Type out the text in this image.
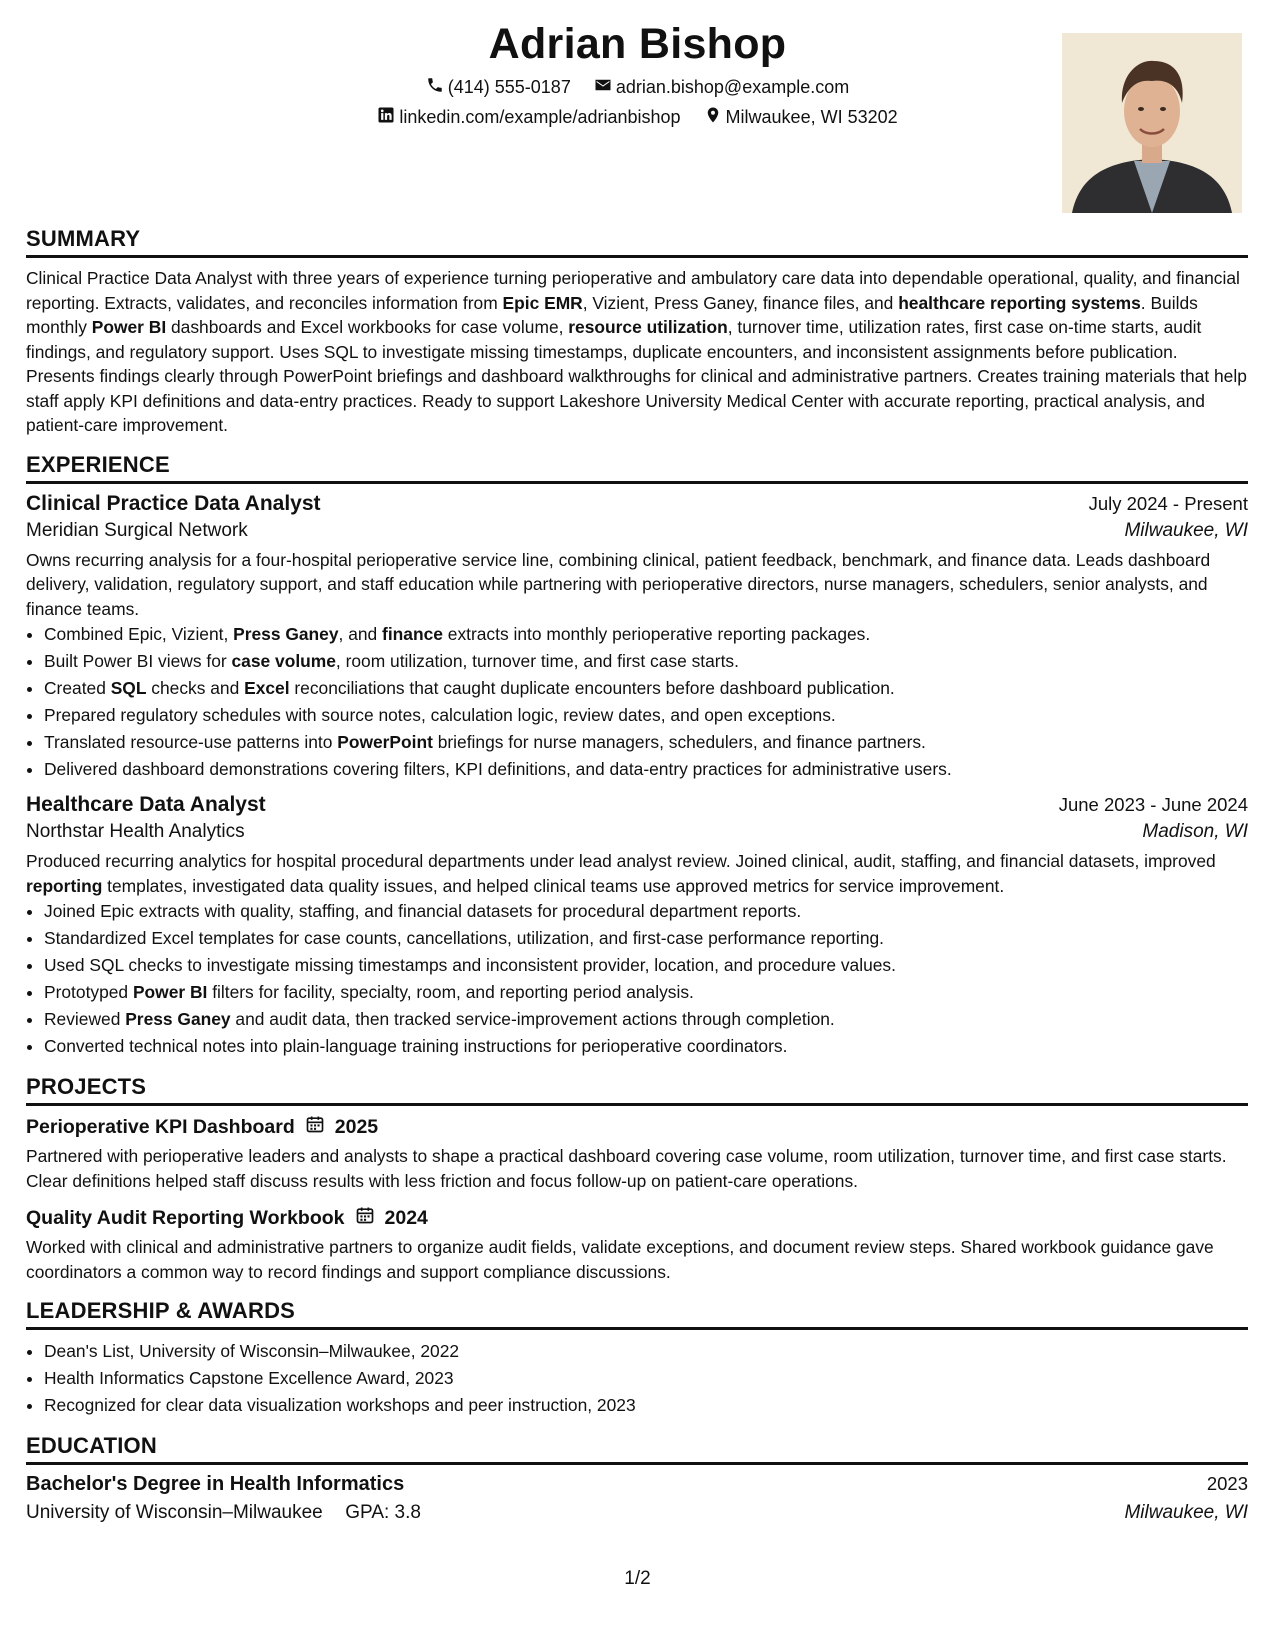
Adrian Bishop
(414) 555-0187
	adrian.bishop@example.com
linkedin.com/example/adrianbishop
	Milwaukee, WI 53202
SUMMARY

Clinical Practice Data Analyst with three years of experience turning perioperative and ambulatory care data into dependable operational, quality, and financial reporting. Extracts, validates, and reconciles information from Epic EMR, Vizient, Press Ganey, finance files, and healthcare reporting systems. Builds monthly Power BI dashboards and Excel workbooks for case volume, resource utilization, turnover time, utilization rates, first case on-time starts, audit findings, and regulatory support. Uses SQL to investigate missing timestamps, duplicate encounters, and inconsistent assignments before publication. Presents findings clearly through PowerPoint briefings and dashboard walkthroughs for clinical and administrative partners. Creates training materials that help staff apply KPI definitions and data-entry practices. Ready to support Lakeshore University Medical Center with accurate reporting, practical analysis, and patient-care improvement.

EXPERIENCE
Clinical Practice Data Analyst	July 2024 - Present
Meridian Surgical Network	Milwaukee, WI

Owns recurring analysis for a four-hospital perioperative service line, combining clinical, patient feedback, benchmark, and finance data. Leads dashboard delivery, validation, regulatory support, and staff education while partnering with perioperative directors, nurse managers, schedulers, senior analysts, and finance teams.

• Combined Epic, Vizient, Press Ganey, and finance extracts into monthly perioperative reporting packages.
• Built Power BI views for case volume, room utilization, turnover time, and first case starts.
• Created SQL checks and Excel reconciliations that caught duplicate encounters before dashboard publication.
• Prepared regulatory schedules with source notes, calculation logic, review dates, and open exceptions.
• Translated resource-use patterns into PowerPoint briefings for nurse managers, schedulers, and finance partners.
• Delivered dashboard demonstrations covering filters, KPI definitions, and data-entry practices for administrative users.
Healthcare Data Analyst	June 2023 - June 2024
Northstar Health Analytics	Madison, WI

Produced recurring analytics for hospital procedural departments under lead analyst review. Joined clinical, audit, staffing, and financial datasets, improved reporting templates, investigated data quality issues, and helped clinical teams use approved metrics for service improvement.

• Joined Epic extracts with quality, staffing, and financial datasets for procedural department reports.
• Standardized Excel templates for case counts, cancellations, utilization, and first-case performance reporting.
• Used SQL checks to investigate missing timestamps and inconsistent provider, location, and procedure values.
• Prototyped Power BI filters for facility, specialty, room, and reporting period analysis.
• Reviewed Press Ganey and audit data, then tracked service-improvement actions through completion.
• Converted technical notes into plain-language training instructions for perioperative coordinators.
PROJECTS
Perioperative KPI Dashboard 2025

Partnered with perioperative leaders and analysts to shape a practical dashboard covering case volume, room utilization, turnover time, and first case starts. Clear definitions helped staff discuss results with less friction and focus follow-up on patient-care operations.

Quality Audit Reporting Workbook 2024

Worked with clinical and administrative partners to organize audit fields, validate exceptions, and document review steps. Shared workbook guidance gave coordinators a common way to record findings and support compliance discussions.

LEADERSHIP & AWARDS
• Dean's List, University of Wisconsin–Milwaukee, 2022
• Health Informatics Capstone Excellence Award, 2023
• Recognized for clear data visualization workshops and peer instruction, 2023
EDUCATION
Bachelor's Degree in Health Informatics	2023
University of Wisconsin–Milwaukee GPA: 3.8	Milwaukee, WI
1/2
